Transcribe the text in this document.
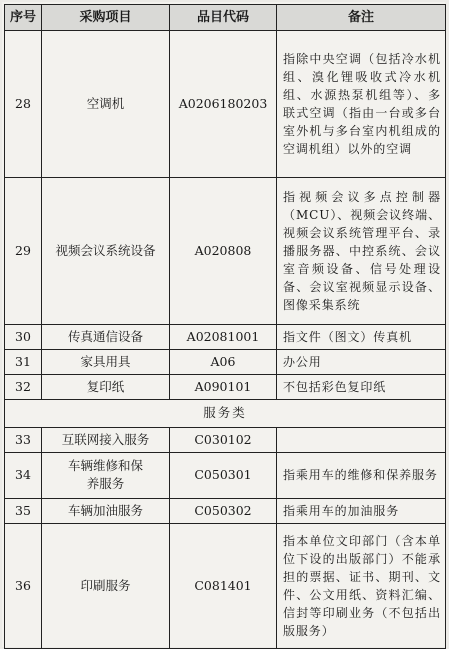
序号	采购项目	品目代码	备注
28	空调机	A0206180203	指除中央空调（包括冷水机组、溴化锂吸收式冷水机组、水源热泵机组等）、多联式空调（指由一台或多台室外机与多台室内机组成的空调机组）以外的空调
29	视频会议系统设备	A020808	指视频会议多点控制器（MCU）、视频会议终端、视频会议系统管理平台、录播服务器、中控系统、会议室音频设备、信号处理设备、会议室视频显示设备、图像采集系统
30	传真通信设备	A02081001	指文件（图文）传真机
31	家具用具	A06	办公用
32	复印纸	A090101	不包括彩色复印纸
服务类			
33	互联网接入服务	C030102	
34	车辆维修和保养服务	C050301	指乘用车的维修和保养服务
35	车辆加油服务	C050302	指乘用车的加油服务
36	印刷服务	C081401	指本单位文印部门（含本单位下设的出版部门）不能承担的票据、证书、期刊、文件、公文用纸、资料汇编、信封等印刷业务（不包括出版服务）
